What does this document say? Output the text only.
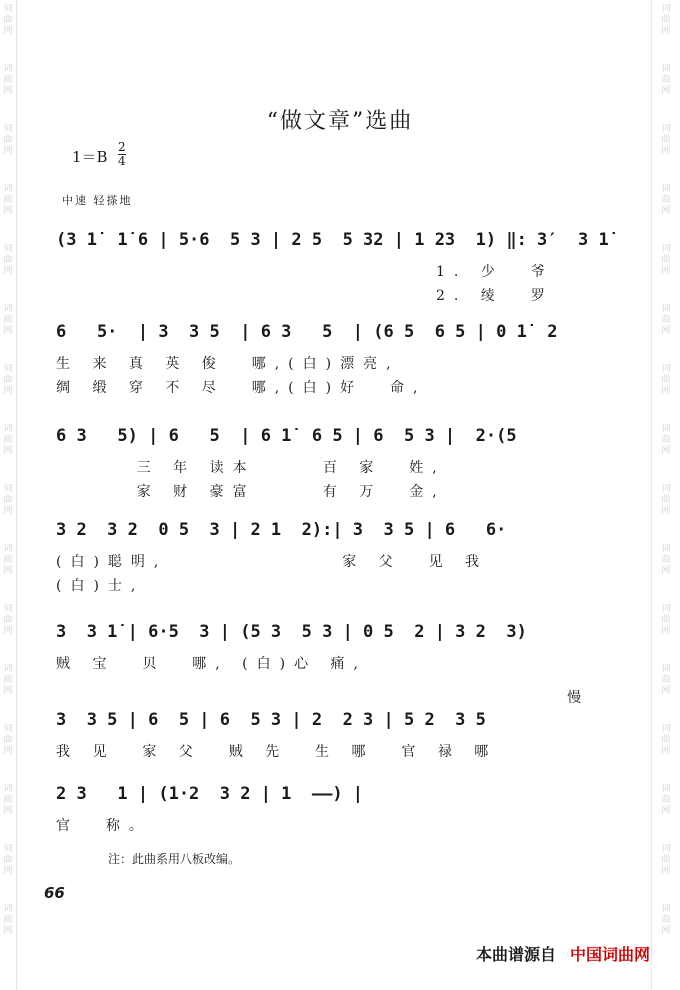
词
曲
网
词
曲
网
词
曲
网
词
曲
网
词
曲
网
词
曲
网
词
曲
网
词
曲
网
词
曲
网
词
曲
网
词
曲
网
词
曲
网
词
曲
网
词
曲
网
词
曲
网
词
曲
网
词
曲
网
词
曲
网
词
曲
网
词
曲
网
词
曲
网
词
曲
网
词
曲
网
词
曲
网
词
曲
网
词
曲
网
词
曲
网
词
曲
网
词
曲
网
词
曲
网
词
曲
网
词
曲
网
“做文章”选曲
$1=B \frac{2}{4}$
中速 轻搽地
(3 1̇  1̇ 6 | 5·6  5 3 | 2 5  5 32 | 1 23  1) ‖: 3′  3 1̇
1. 少  爷
2. 绫  罗
6   5·  | 3  3 5  | 6 3   5  | (6 5  6 5 | 0 1̇  2
生 来 真 英 俊  哪,(白)漂亮,
绸 缎 穿 不 尽  哪,(白)好  命,
6 3   5) | 6   5  | 6 1̇  6 5 | 6  5 3 |  2·(5
三 年 读本     百 家  姓,
家 财 豪富     有 万  金,
3 2  3 2  0 5  3 | 2 1  2):| 3  3 5 | 6   6·
(白)聪明,             家 父  见 我
(白)士,
3  3 1̇ | 6·5  3 | (5 3  5 3 | 0 5  2 | 3 2  3)
贼 宝  贝  哪, (白)心 痛,
慢
3  3 5 | 6  5 | 6  5 3 | 2  2 3 | 5 2  3 5
我 见  家 父  贼 先  生 哪  官 禄 哪
2 3   1 | (1·2  3 2 | 1  ——) |
官  称。
注：此曲系用八板改编。
66
本曲谱源自 中国词曲网
